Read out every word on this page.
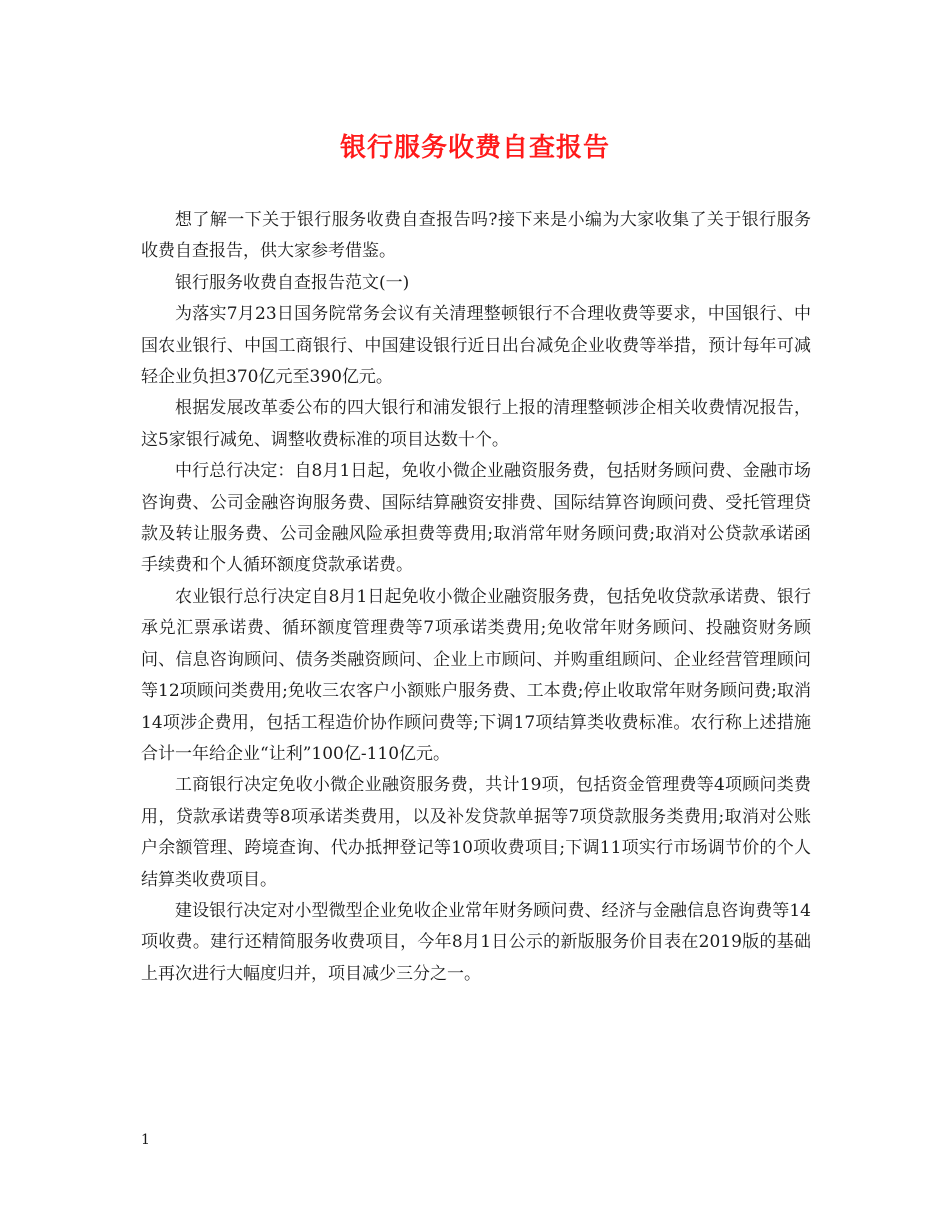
银行服务收费自查报告

想了解一下关于银行服务收费自查报告吗?接下来是小编为大家收集了关于银行服务收费自查报告，供大家参考借鉴。

银行服务收费自查报告范文(一)

为落实7月23日国务院常务会议有关清理整顿银行不合理收费等要求，中国银行、中国农业银行、中国工商银行、中国建设银行近日出台减免企业收费等举措，预计每年可减轻企业负担370亿元至390亿元。

根据发展改革委公布的四大银行和浦发银行上报的清理整顿涉企相关收费情况报告，这5家银行减免、调整收费标准的项目达数十个。

中行总行决定：自8月1日起，免收小微企业融资服务费，包括财务顾问费、金融市场咨询费、公司金融咨询服务费、国际结算融资安排费、国际结算咨询顾问费、受托管理贷款及转让服务费、公司金融风险承担费等费用;取消常年财务顾问费;取消对公贷款承诺函手续费和个人循环额度贷款承诺费。

农业银行总行决定自8月1日起免收小微企业融资服务费，包括免收贷款承诺费、银行承兑汇票承诺费、循环额度管理费等7项承诺类费用;免收常年财务顾问、投融资财务顾问、信息咨询顾问、债务类融资顾问、企业上市顾问、并购重组顾问、企业经营管理顾问等12项顾问类费用;免收三农客户小额账户服务费、工本费;停止收取常年财务顾问费;取消14项涉企费用，包括工程造价协作顾问费等;下调17项结算类收费标准。农行称上述措施合计一年给企业“让利”100亿-110亿元。

工商银行决定免收小微企业融资服务费，共计19项，包括资金管理费等4项顾问类费用，贷款承诺费等8项承诺类费用，以及补发贷款单据等7项贷款服务类费用;取消对公账户余额管理、跨境查询、代办抵押登记等10项收费项目;下调11项实行市场调节价的个人结算类收费项目。

建设银行决定对小型微型企业免收企业常年财务顾问费、经济与金融信息咨询费等14项收费。建行还精简服务收费项目，今年8月1日公示的新版服务价目表在2019版的基础上再次进行大幅度归并，项目减少三分之一。

1
